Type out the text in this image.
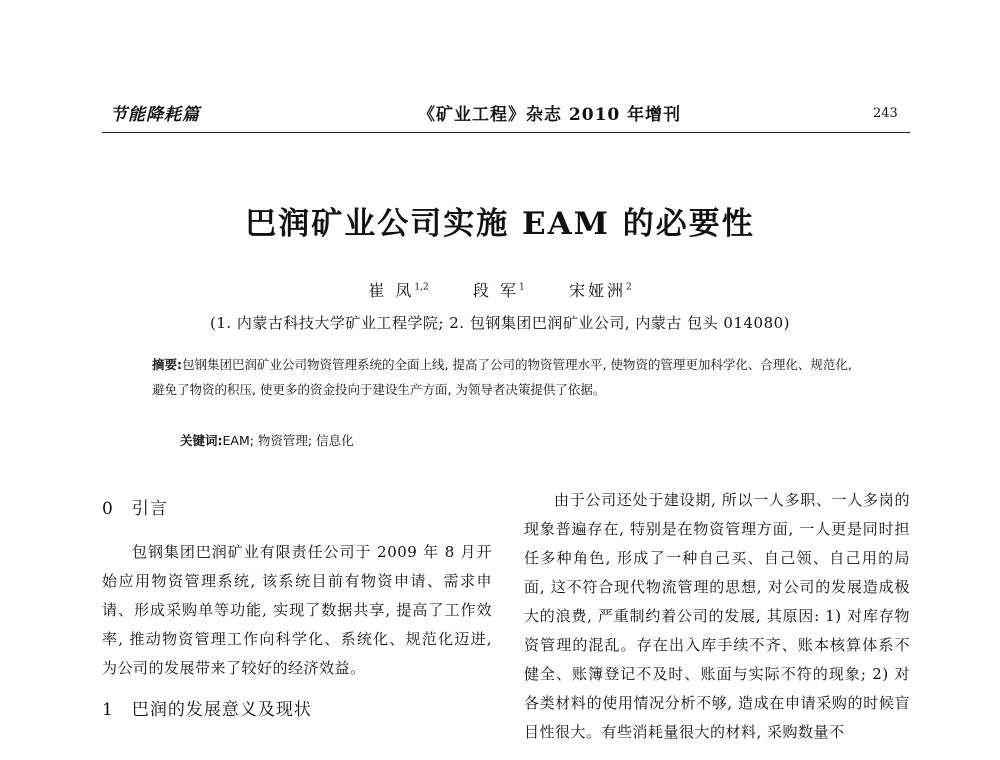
节能降耗篇	《矿业工程》杂志 2010 年增刊	243
巴润矿业公司实施 EAM 的必要性
崔 凤$^{1,2}$	段 军$^1$	宋娅洲$^2$
(1. 内蒙古科技大学矿业工程学院; 2. 包钢集团巴润矿业公司, 内蒙古 包头 014080)
摘要:包钢集团巴润矿业公司物资管理系统的全面上线, 提高了公司的物资管理水平, 使物资的管理更加科学化、合理化、规范化, 避免了物资的积压, 使更多的资金投向于建设生产方面, 为领导者决策提供了依据。
关键词:EAM; 物资管理; 信息化
0 引言

包钢集团巴润矿业有限责任公司于 2009 年 8 月开始应用物资管理系统, 该系统目前有物资申请、需求申请、形成采购单等功能, 实现了数据共享, 提高了工作效率, 推动物资管理工作向科学化、系统化、规范化迈进, 为公司的发展带来了较好的经济效益。

1 巴润的发展意义及现状

由于公司还处于建设期, 所以一人多职、一人多岗的现象普遍存在, 特别是在物资管理方面, 一人更是同时担任多种角色, 形成了一种自己买、自己领、自己用的局面, 这不符合现代物流管理的思想, 对公司的发展造成极大的浪费, 严重制约着公司的发展, 其原因: 1) 对库存物资管理的混乱。存在出入库手续不齐、账本核算体系不健全、账簿登记不及时、账面与实际不符的现象; 2) 对各类材料的使用情况分析不够, 造成在申请采购的时候盲目性很大。有些消耗量很大的材料, 采购数量不
